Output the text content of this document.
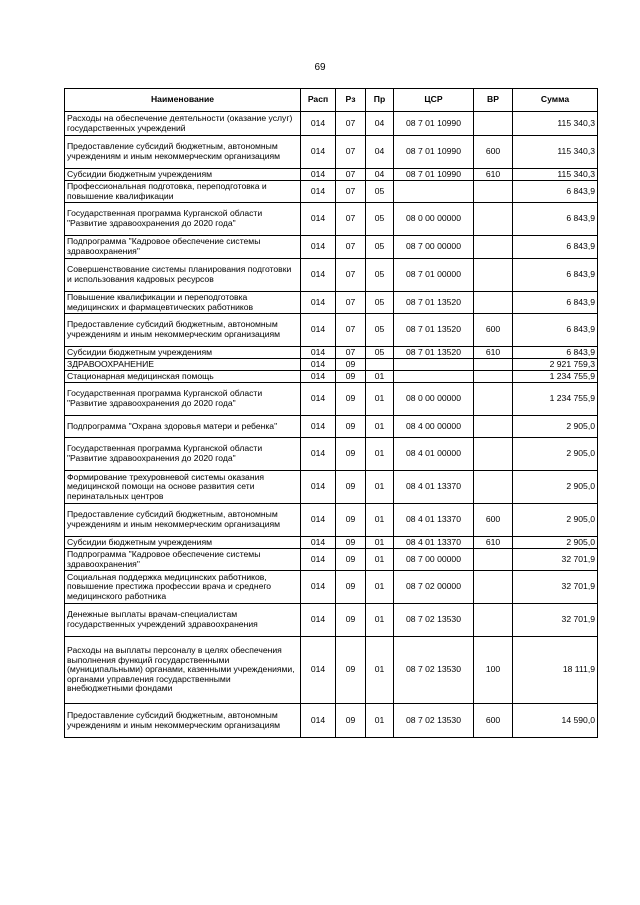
69
Наименование	Расп	Рз	Пр	ЦСР	ВР	Сумма
Расходы на обеспечение деятельности (оказание услуг) государственных учреждений	014	07	04	08 7 01 10990		115 340,3
Предоставление субсидий бюджетным, автономным учреждениям и иным некоммерческим организациям	014	07	04	08 7 01 10990	600	115 340,3
Субсидии бюджетным учреждениям	014	07	04	08 7 01 10990	610	115 340,3
Профессиональная подготовка, переподготовка и повышение квалификации	014	07	05			6 843,9
Государственная программа Курганской области "Развитие здравоохранения до 2020 года"	014	07	05	08 0 00 00000		6 843,9
Подпрограмма "Кадровое обеспечение системы здравоохранения"	014	07	05	08 7 00 00000		6 843,9
Совершенствование системы планирования подготовки и использования кадровых ресурсов	014	07	05	08 7 01 00000		6 843,9
Повышение квалификации и переподготовка медицинских и фармацевтических работников	014	07	05	08 7 01 13520		6 843,9
Предоставление субсидий бюджетным, автономным учреждениям и иным некоммерческим организациям	014	07	05	08 7 01 13520	600	6 843,9
Субсидии бюджетным учреждениям	014	07	05	08 7 01 13520	610	6 843,9
ЗДРАВООХРАНЕНИЕ	014	09				2 921 759,3
Стационарная медицинская помощь	014	09	01			1 234 755,9
Государственная программа Курганской области "Развитие здравоохранения до 2020 года"	014	09	01	08 0 00 00000		1 234 755,9
Подпрограмма "Охрана здоровья матери и ребенка"	014	09	01	08 4 00 00000		2 905,0
Государственная программа Курганской области "Развитие здравоохранения до 2020 года"	014	09	01	08 4 01 00000		2 905,0
Формирование трехуровневой системы оказания медицинской помощи на основе развития сети перинатальных центров	014	09	01	08 4 01 13370		2 905,0
Предоставление субсидий бюджетным, автономным учреждениям и иным некоммерческим организациям	014	09	01	08 4 01 13370	600	2 905,0
Субсидии бюджетным учреждениям	014	09	01	08 4 01 13370	610	2 905,0
Подпрограмма "Кадровое обеспечение системы здравоохранения"	014	09	01	08 7 00 00000		32 701,9
Социальная поддержка медицинских работников, повышение престижа профессии врача и среднего медицинского работника	014	09	01	08 7 02 00000		32 701,9
Денежные выплаты врачам-специалистам государственных учреждений здравоохранения	014	09	01	08 7 02 13530		32 701,9
Расходы на выплаты персоналу в целях обеспечения выполнения функций государственными (муниципальными) органами, казенными учреждениями, органами управления государственными внебюджетными фондами	014	09	01	08 7 02 13530	100	18 111,9
Предоставление субсидий бюджетным, автономным учреждениям и иным некоммерческим организациям	014	09	01	08 7 02 13530	600	14 590,0
